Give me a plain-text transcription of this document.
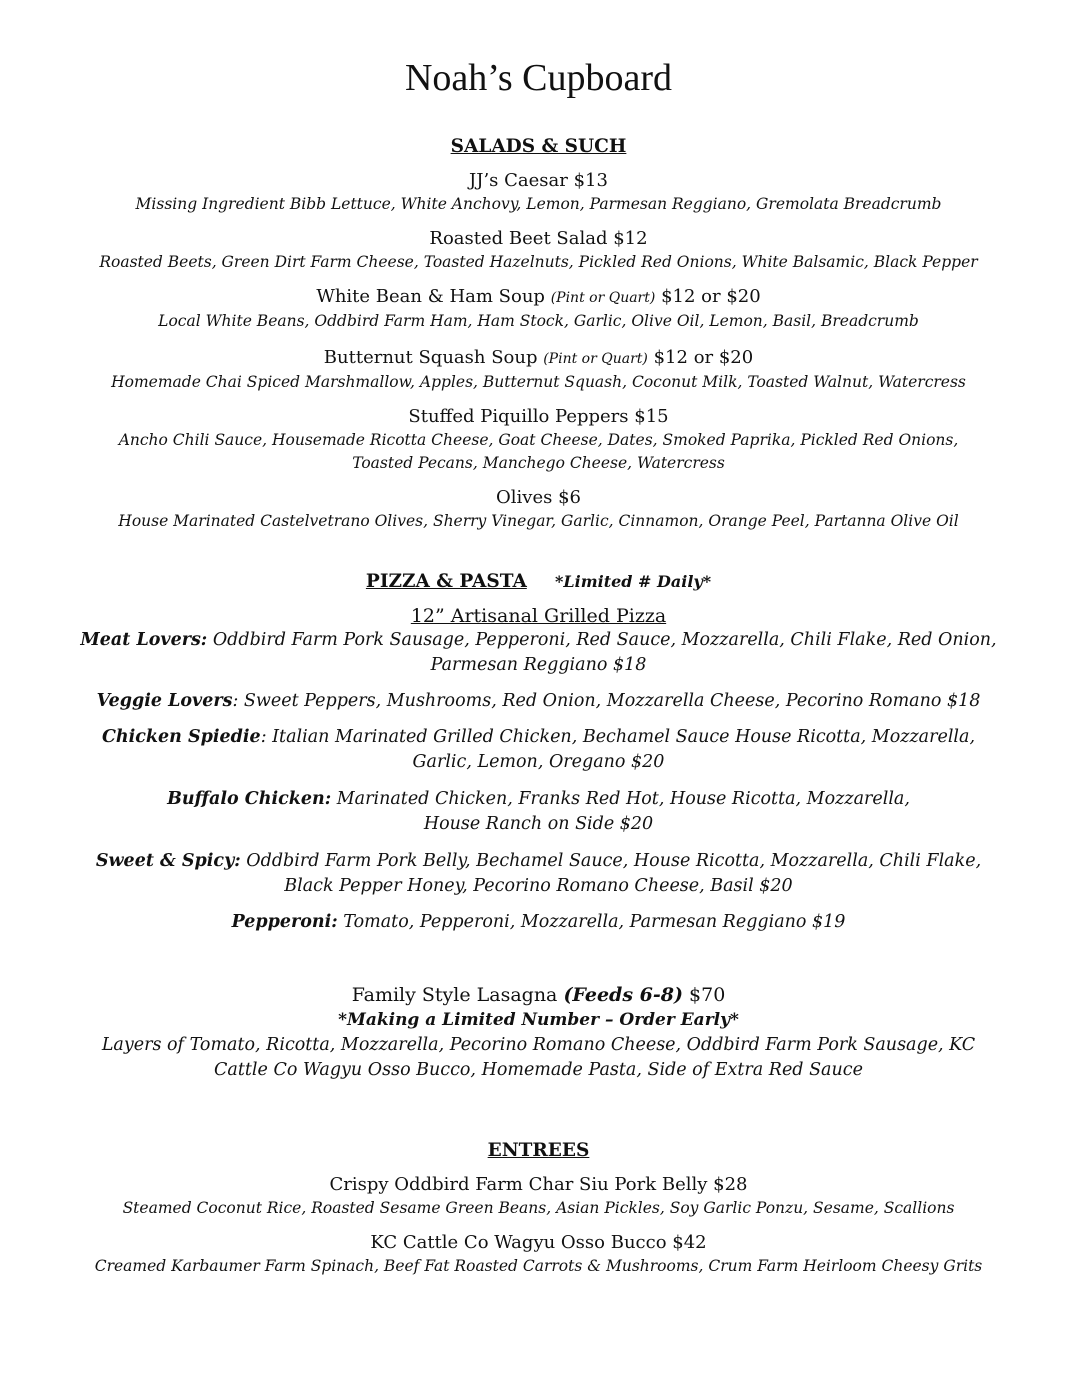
Noah’s Cupboard
SALADS & SUCH
JJ’s Caesar $13
Missing Ingredient Bibb Lettuce, White Anchovy, Lemon, Parmesan Reggiano, Gremolata Breadcrumb
Roasted Beet Salad $12
Roasted Beets, Green Dirt Farm Cheese, Toasted Hazelnuts, Pickled Red Onions, White Balsamic, Black Pepper
White Bean & Ham Soup (Pint or Quart) $12 or $20
Local White Beans, Oddbird Farm Ham, Ham Stock, Garlic, Olive Oil, Lemon, Basil, Breadcrumb
Butternut Squash Soup (Pint or Quart) $12 or $20
Homemade Chai Spiced Marshmallow, Apples, Butternut Squash, Coconut Milk, Toasted Walnut, Watercress
Stuffed Piquillo Peppers $15
Ancho Chili Sauce, Housemade Ricotta Cheese, Goat Cheese, Dates, Smoked Paprika, Pickled Red Onions,
Toasted Pecans, Manchego Cheese, Watercress
Olives $6
House Marinated Castelvetrano Olives, Sherry Vinegar, Garlic, Cinnamon, Orange Peel, Partanna Olive Oil
PIZZA & PASTA *Limited # Daily*
12” Artisanal Grilled Pizza
Meat Lovers: Oddbird Farm Pork Sausage, Pepperoni, Red Sauce, Mozzarella, Chili Flake, Red Onion,
Parmesan Reggiano $18
Veggie Lovers: Sweet Peppers, Mushrooms, Red Onion, Mozzarella Cheese, Pecorino Romano $18
Chicken Spiedie: Italian Marinated Grilled Chicken, Bechamel Sauce House Ricotta, Mozzarella,
Garlic, Lemon, Oregano $20
Buffalo Chicken: Marinated Chicken, Franks Red Hot, House Ricotta, Mozzarella,
House Ranch on Side $20
Sweet & Spicy: Oddbird Farm Pork Belly, Bechamel Sauce, House Ricotta, Mozzarella, Chili Flake,
Black Pepper Honey, Pecorino Romano Cheese, Basil $20
Pepperoni: Tomato, Pepperoni, Mozzarella, Parmesan Reggiano $19
Family Style Lasagna (Feeds 6-8) $70
*Making a Limited Number – Order Early*
Layers of Tomato, Ricotta, Mozzarella, Pecorino Romano Cheese, Oddbird Farm Pork Sausage, KC
Cattle Co Wagyu Osso Bucco, Homemade Pasta, Side of Extra Red Sauce
ENTREES
Crispy Oddbird Farm Char Siu Pork Belly $28
Steamed Coconut Rice, Roasted Sesame Green Beans, Asian Pickles, Soy Garlic Ponzu, Sesame, Scallions
KC Cattle Co Wagyu Osso Bucco $42
Creamed Karbaumer Farm Spinach, Beef Fat Roasted Carrots & Mushrooms, Crum Farm Heirloom Cheesy Grits
